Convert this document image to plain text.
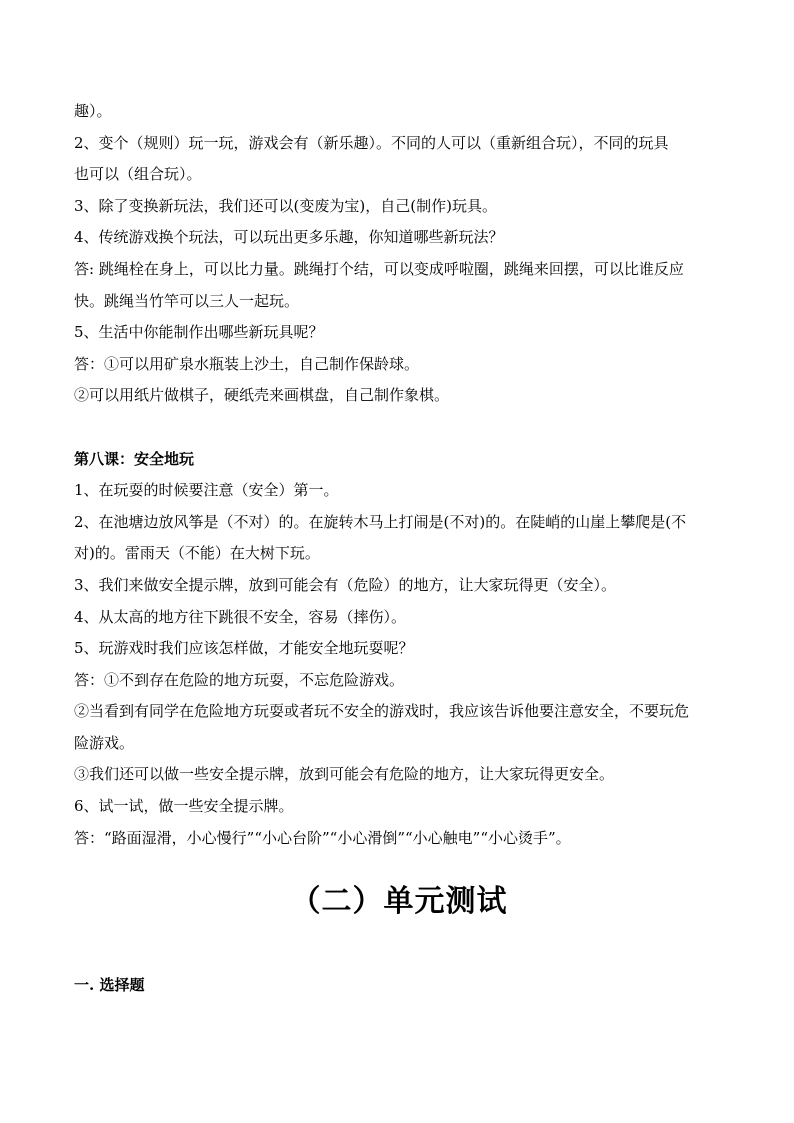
趣）。
2、变个（规则）玩一玩，游戏会有（新乐趣）。不同的人可以（重新组合玩），不同的玩具
也可以（组合玩）。
3、除了变换新玩法，我们还可以(变废为宝)，自己(制作)玩具。
4、传统游戏换个玩法，可以玩出更多乐趣，你知道哪些新玩法？
答: 跳绳栓在身上，可以比力量。跳绳打个结，可以变成呼啦圈，跳绳来回摆，可以比谁反应
快。跳绳当竹竿可以三人一起玩。
5、生活中你能制作出哪些新玩具呢？
答：①可以用矿泉水瓶装上沙土，自己制作保龄球。
②可以用纸片做棋子，硬纸壳来画棋盘，自己制作象棋。
第八课：安全地玩
1、在玩耍的时候要注意（安全）第一。
2、在池塘边放风筝是（不对）的。在旋转木马上打闹是(不对)的。在陡峭的山崖上攀爬是(不
对)的。雷雨天（不能）在大树下玩。
3、我们来做安全提示牌，放到可能会有（危险）的地方，让大家玩得更（安全）。
4、从太高的地方往下跳很不安全，容易（摔伤）。
5、玩游戏时我们应该怎样做，才能安全地玩耍呢？
答：①不到存在危险的地方玩耍，不忘危险游戏。
②当看到有同学在危险地方玩耍或者玩不安全的游戏时，我应该告诉他要注意安全，不要玩危
险游戏。
③我们还可以做一些安全提示牌，放到可能会有危险的地方，让大家玩得更安全。
6、试一试，做一些安全提示牌。
答：“路面湿滑，小心慢行”“小心台阶”“小心滑倒”“小心触电”“小心烫手”。
（二）单元测试
一. 选择题
